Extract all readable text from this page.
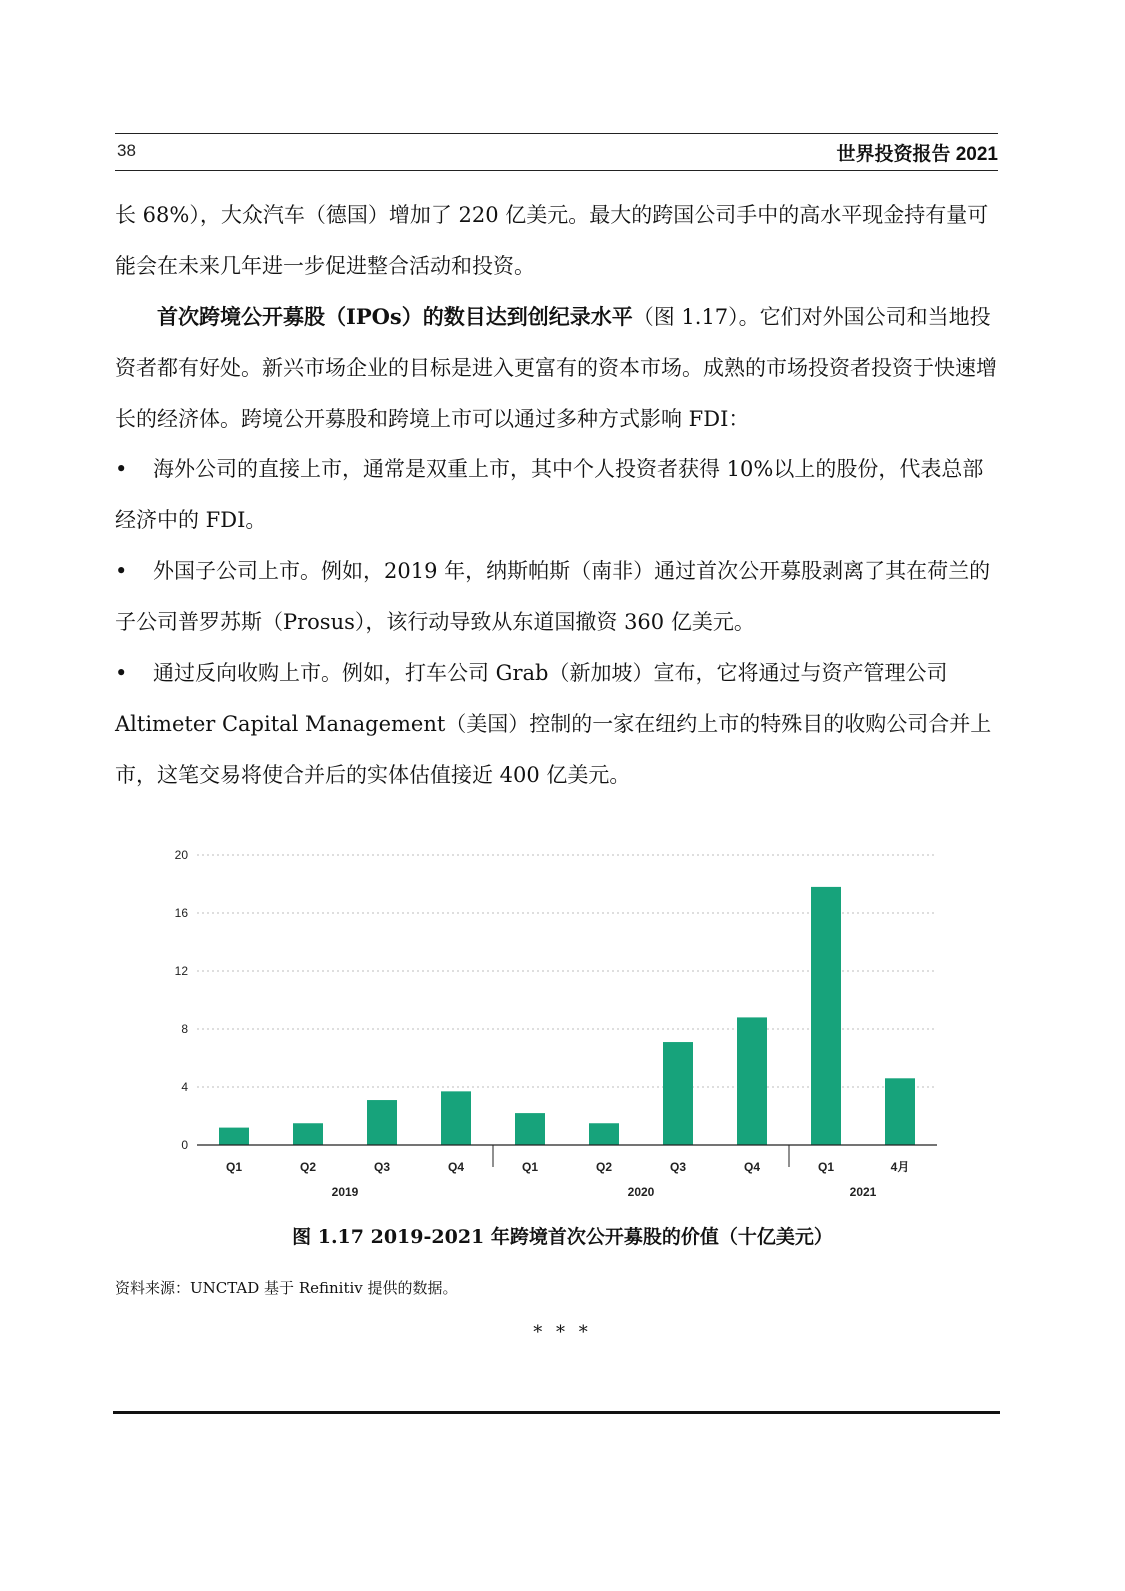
38	世界投资报告 2021

长 68%），大众汽车（德国）增加了 220 亿美元。最大的跨国公司手中的高水平现金持有量可能会在未来几年进一步促进整合活动和投资。

首次跨境公开募股（IPOs）的数目达到创纪录水平（图 1.17）。它们对外国公司和当地投资者都有好处。新兴市场企业的目标是进入更富有的资本市场。成熟的市场投资者投资于快速增长的经济体。跨境公开募股和跨境上市可以通过多种方式影响 FDI：

• 海外公司的直接上市，通常是双重上市，其中个人投资者获得 10%以上的股份，代表总部经济中的 FDI。

• 外国子公司上市。例如，2019 年，纳斯帕斯（南非）通过首次公开募股剥离了其在荷兰的子公司普罗苏斯（Prosus），该行动导致从东道国撤资 360 亿美元。

• 通过反向收购上市。例如，打车公司 Grab（新加坡）宣布，它将通过与资产管理公司 Altimeter Capital Management（美国）控制的一家在纽约上市的特殊目的收购公司合并上市，这笔交易将使合并后的实体估值接近 400 亿美元。

0
4
8
12
16
20
Q1	Q2	Q3	Q4	Q1	Q2	Q3	Q4	Q1	4月
2019	2020	2021
图 1.17 2019-2021 年跨境首次公开募股的价值（十亿美元）
资料来源：UNCTAD 基于 Refinitiv 提供的数据。
* * *
